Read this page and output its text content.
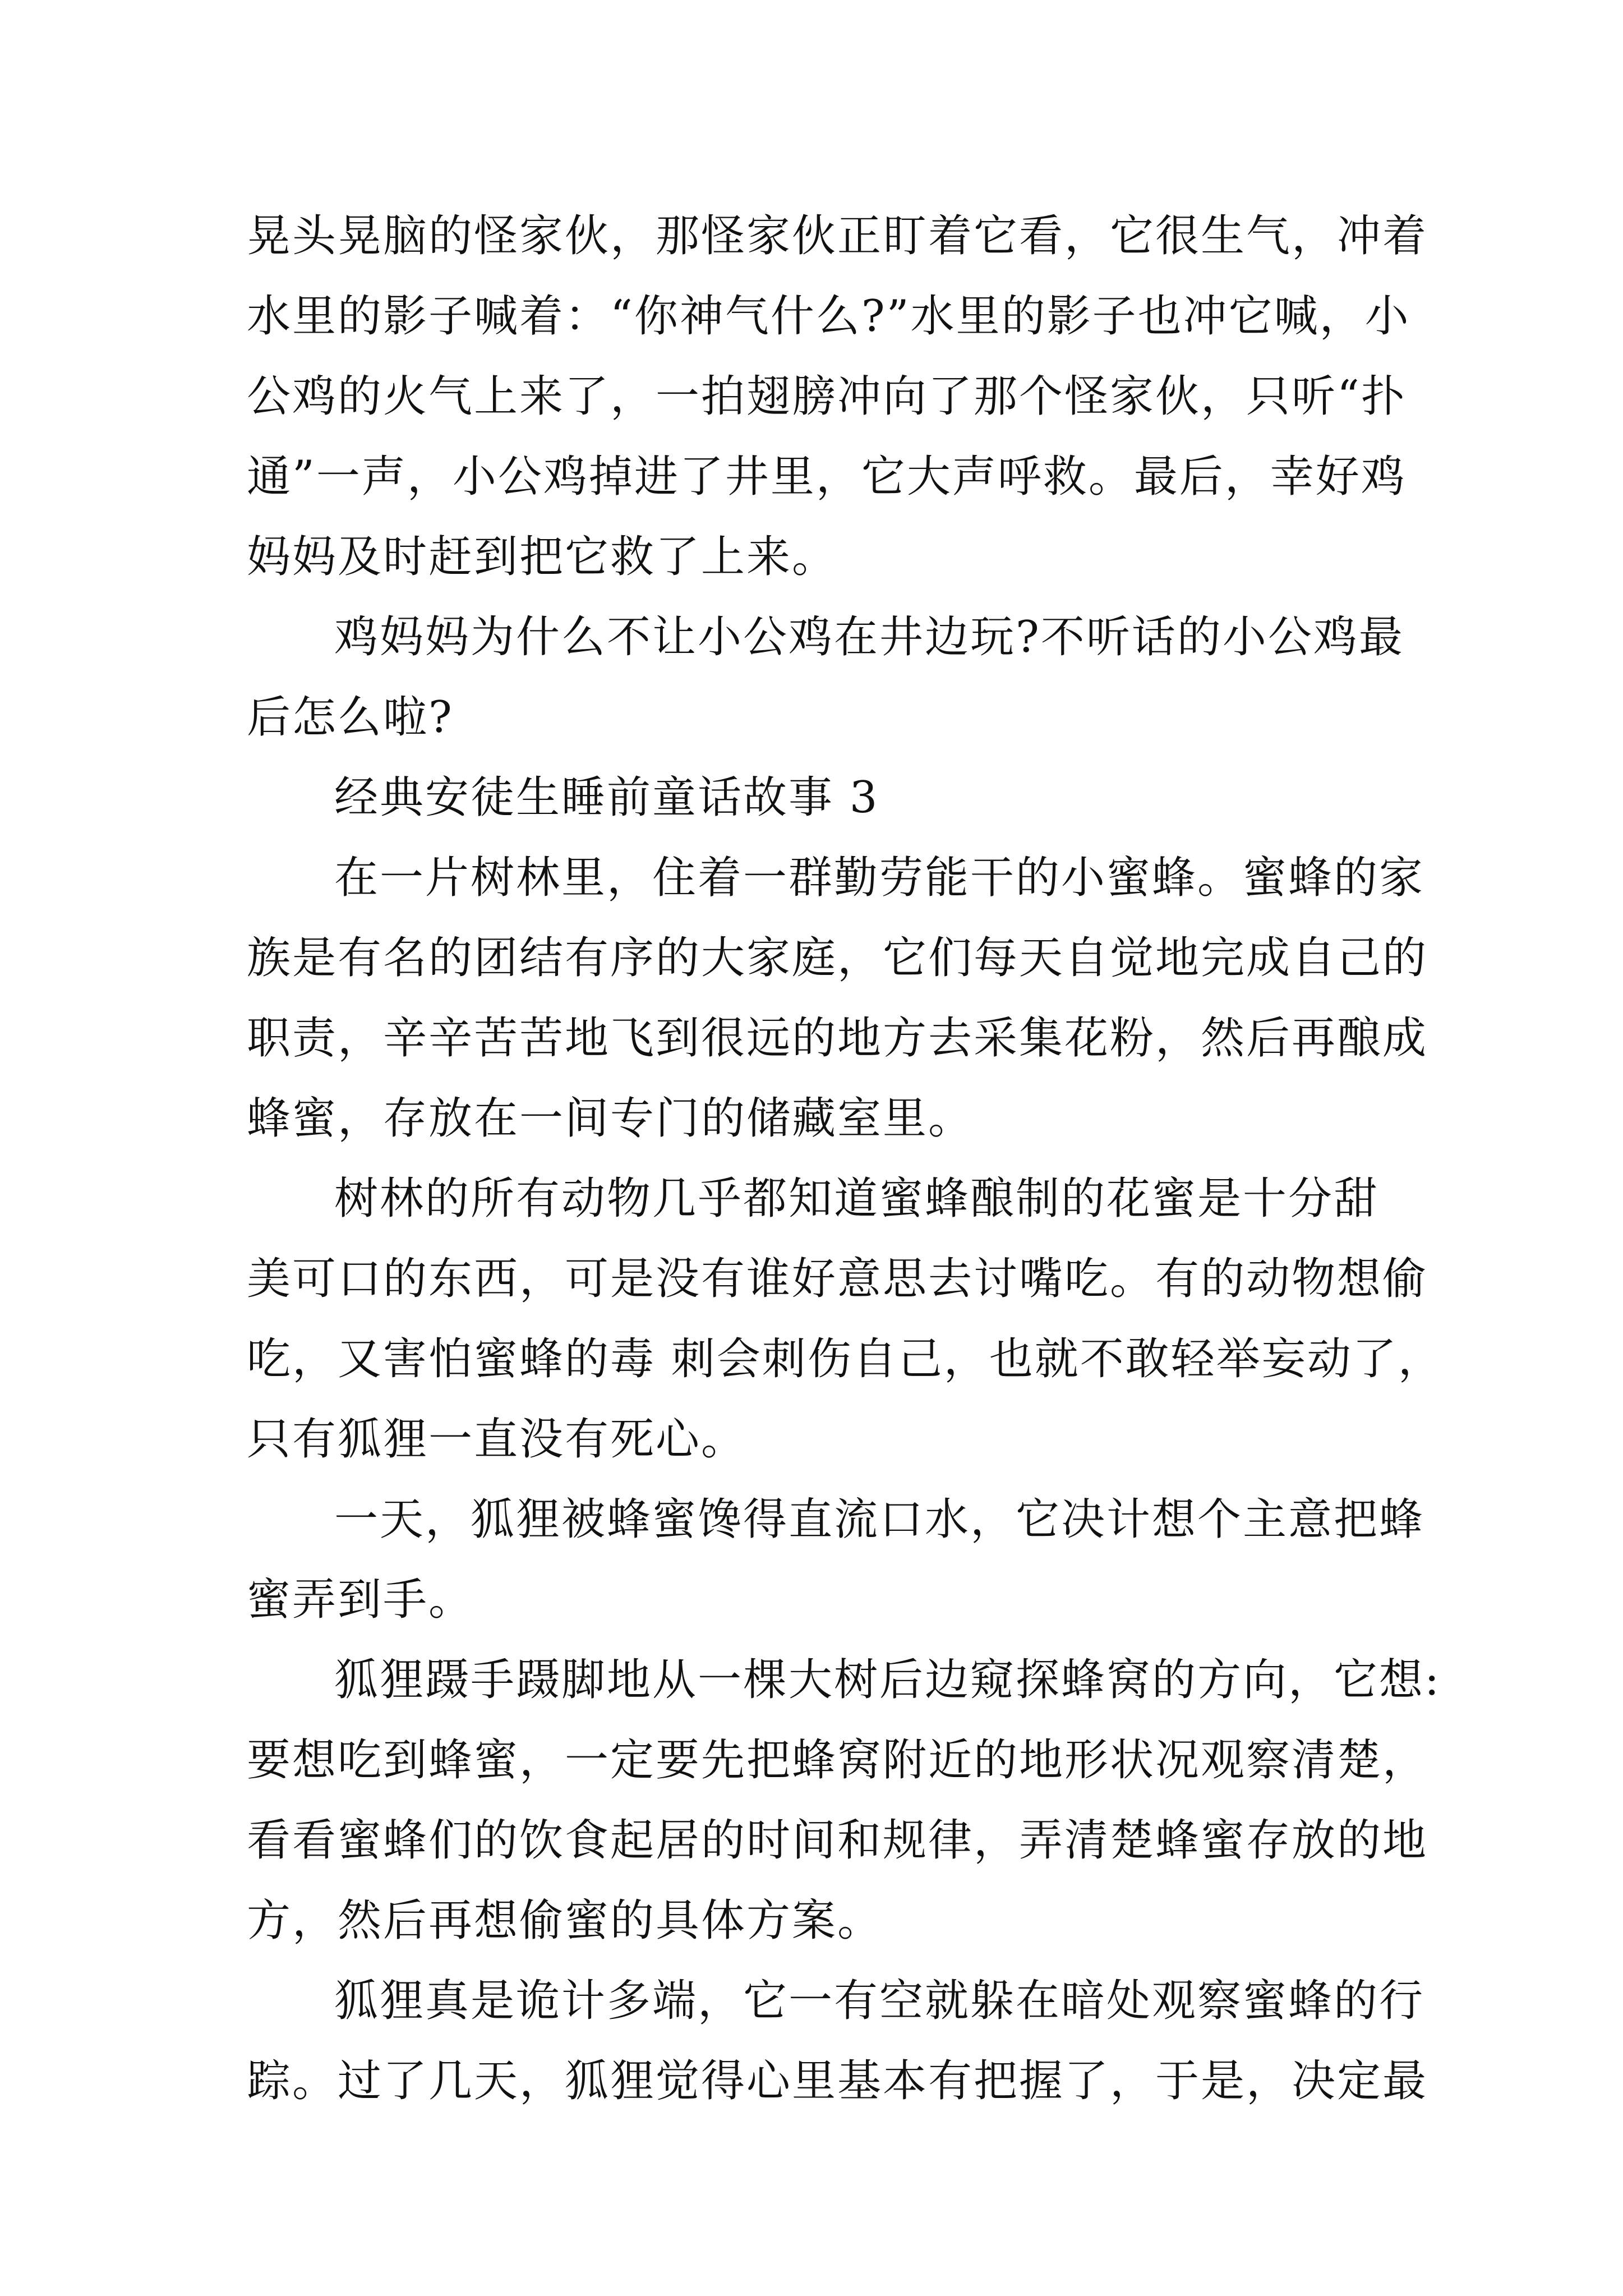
晃头晃脑的怪家伙，那怪家伙正盯着它看，它很生气，冲着
水里的影子喊着：“你神气什么?”水里的影子也冲它喊，小
公鸡的火气上来了，一拍翅膀冲向了那个怪家伙，只听“扑
通”一声，小公鸡掉进了井里，它大声呼救。最后，幸好鸡
妈妈及时赶到把它救了上来。
鸡妈妈为什么不让小公鸡在井边玩?不听话的小公鸡最
后怎么啦?
经典安徒生睡前童话故事 3
在一片树林里，住着一群勤劳能干的小蜜蜂。蜜蜂的家
族是有名的团结有序的大家庭，它们每天自觉地完成自己的
职责，辛辛苦苦地飞到很远的地方去采集花粉，然后再酿成
蜂蜜，存放在一间专门的储藏室里。
树林的所有动物几乎都知道蜜蜂酿制的花蜜是十分甜
美可口的东西，可是没有谁好意思去讨嘴吃。有的动物想偷
吃，又害怕蜜蜂的毒 刺会刺伤自己，也就不敢轻举妄动了，
只有狐狸一直没有死心。
一天，狐狸被蜂蜜馋得直流口水，它决计想个主意把蜂
蜜弄到手。
狐狸蹑手蹑脚地从一棵大树后边窥探蜂窝的方向，它想:
要想吃到蜂蜜，一定要先把蜂窝附近的地形状况观察清楚，
看看蜜蜂们的饮食起居的时间和规律，弄清楚蜂蜜存放的地
方，然后再想偷蜜的具体方案。
狐狸真是诡计多端，它一有空就躲在暗处观察蜜蜂的行
踪。过了几天，狐狸觉得心里基本有把握了，于是，决定最
